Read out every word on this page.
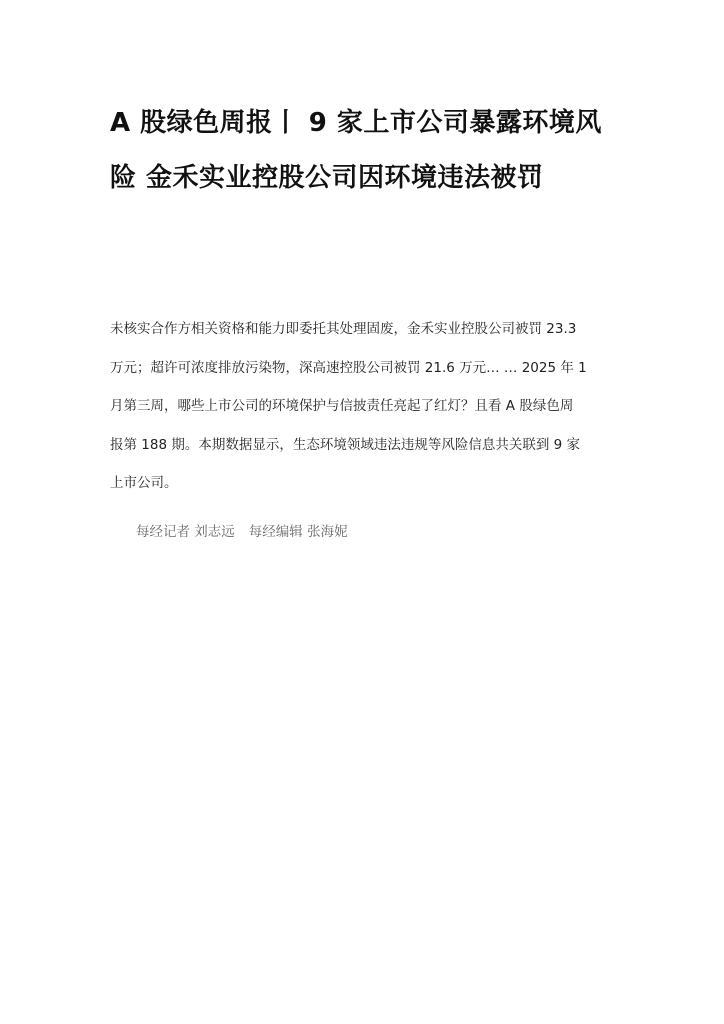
A 股绿色周报丨 9 家上市公司暴露环境风
险 金禾实业控股公司因环境违法被罚

未核实合作方相关资格和能力即委托其处理固废，金禾实业控股公司被罚 23.3
万元；超许可浓度排放污染物，深高速控股公司被罚 21.6 万元… … 2025 年 1
月第三周，哪些上市公司的环境保护与信披责任亮起了红灯？且看 A 股绿色周
报第 188 期。本期数据显示，生态环境领域违法违规等风险信息共关联到 9 家
上市公司。

每经记者 刘志远 每经编辑 张海妮
